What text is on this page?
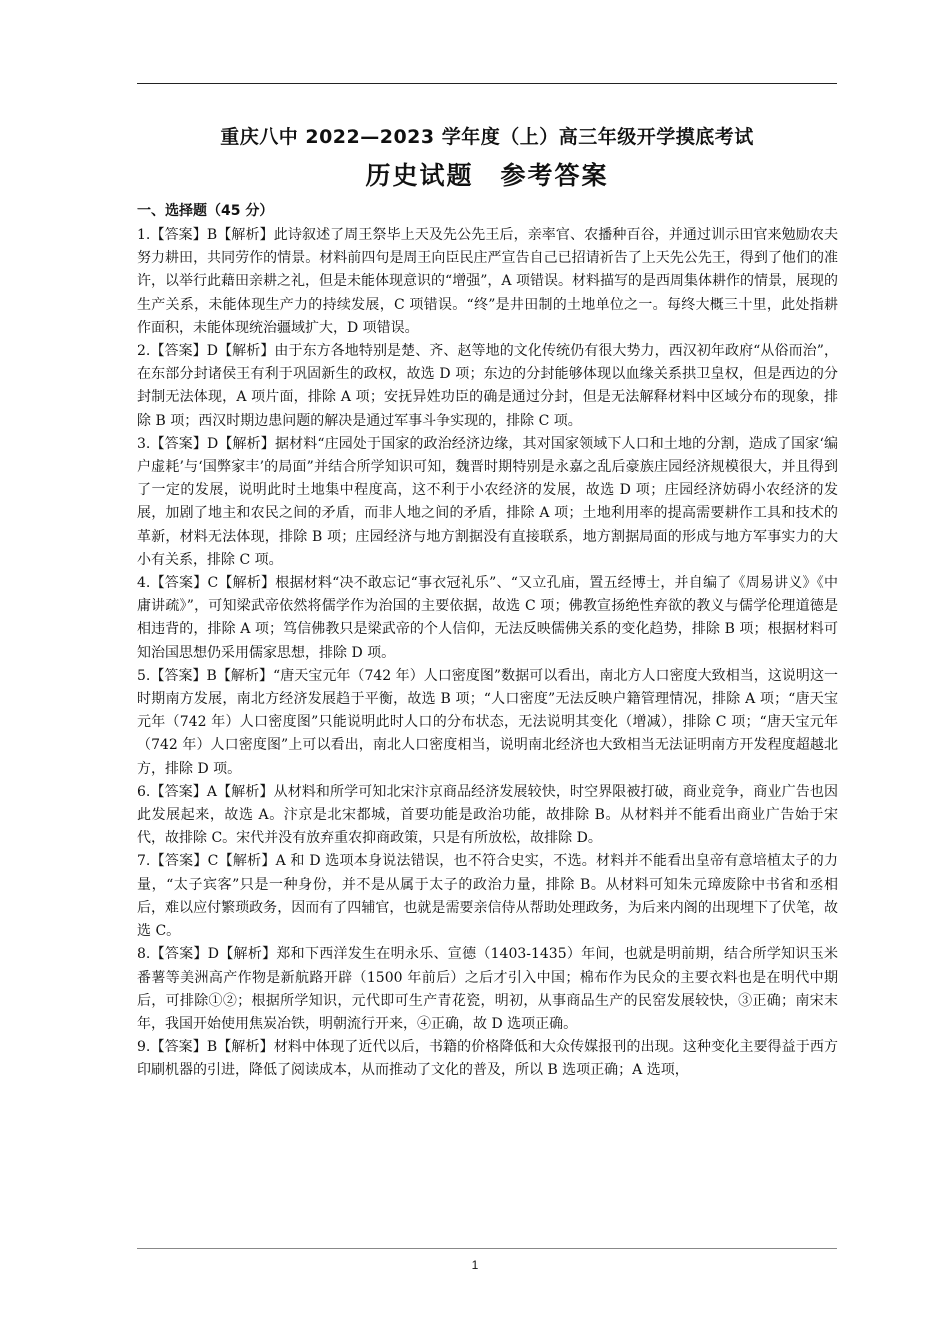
重庆八中 2022—2023 学年度（上）高三年级开学摸底考试
历史试题　参考答案
一、选择题（45 分）

1.【答案】B【解析】此诗叙述了周王祭毕上天及先公先王后，亲率官、农播种百谷，并通过训示田官来勉励农夫努力耕田，共同劳作的情景。材料前四句是周王向臣民庄严宣告自己已招请祈告了上天先公先王，得到了他们的准许，以举行此藉田亲耕之礼，但是未能体现意识的“增强”，A 项错误。材料描写的是西周集体耕作的情景，展现的生产关系，未能体现生产力的持续发展，C 项错误。“终”是井田制的土地单位之一。每终大概三十里，此处指耕作面积，未能体现统治疆域扩大，D 项错误。

2.【答案】D【解析】由于东方各地特别是楚、齐、赵等地的文化传统仍有很大势力，西汉初年政府“从俗而治”，在东部分封诸侯王有利于巩固新生的政权，故选 D 项；东边的分封能够体现以血缘关系拱卫皇权，但是西边的分封制无法体现，A 项片面，排除 A 项；安抚异姓功臣的确是通过分封，但是无法解释材料中区域分布的现象，排除 B 项；西汉时期边患问题的解决是通过军事斗争实现的，排除 C 项。

3.【答案】D【解析】据材料“庄园处于国家的政治经济边缘，其对国家领域下人口和土地的分割，造成了国家‘编户虚耗’与‘国弊家丰’的局面”并结合所学知识可知，魏晋时期特别是永嘉之乱后豪族庄园经济规模很大，并且得到了一定的发展，说明此时土地集中程度高，这不利于小农经济的发展，故选 D 项；庄园经济妨碍小农经济的发展，加剧了地主和农民之间的矛盾，而非人地之间的矛盾，排除 A 项；土地利用率的提高需要耕作工具和技术的革新，材料无法体现，排除 B 项；庄园经济与地方割据没有直接联系，地方割据局面的形成与地方军事实力的大小有关系，排除 C 项。

4.【答案】C【解析】根据材料“决不敢忘记“事衣冠礼乐”、“又立孔庙，置五经博士，并自编了《周易讲义》《中庸讲疏》”，可知梁武帝依然将儒学作为治国的主要依据，故选 C 项；佛教宣扬绝性弃欲的教义与儒学伦理道德是相违背的，排除 A 项；笃信佛教只是梁武帝的个人信仰，无法反映儒佛关系的变化趋势，排除 B 项；根据材料可知治国思想仍采用儒家思想，排除 D 项。

5.【答案】B【解析】“唐天宝元年（742 年）人口密度图”数据可以看出，南北方人口密度大致相当，这说明这一时期南方发展，南北方经济发展趋于平衡，故选 B 项；“人口密度”无法反映户籍管理情况，排除 A 项；“唐天宝元年（742 年）人口密度图”只能说明此时人口的分布状态，无法说明其变化（增减），排除 C 项；“唐天宝元年（742 年）人口密度图”上可以看出，南北人口密度相当，说明南北经济也大致相当无法证明南方开发程度超越北方，排除 D 项。

6.【答案】A【解析】从材料和所学可知北宋汴京商品经济发展较快，时空界限被打破，商业竞争，商业广告也因此发展起来，故选 A。汴京是北宋都城，首要功能是政治功能，故排除 B。从材料并不能看出商业广告始于宋代，故排除 C。宋代并没有放弃重农抑商政策，只是有所放松，故排除 D。

7.【答案】C【解析】A 和 D 选项本身说法错误，也不符合史实，不选。材料并不能看出皇帝有意培植太子的力量，“太子宾客”只是一种身份，并不是从属于太子的政治力量，排除 B。从材料可知朱元璋废除中书省和丞相后，难以应付繁琐政务，因而有了四辅官，也就是需要亲信侍从帮助处理政务，为后来内阁的出现埋下了伏笔，故选 C。

8.【答案】D【解析】郑和下西洋发生在明永乐、宣德（1403-1435）年间，也就是明前期，结合所学知识玉米番薯等美洲高产作物是新航路开辟（1500 年前后）之后才引入中国；棉布作为民众的主要衣料也是在明代中期后，可排除①②；根据所学知识，元代即可生产青花瓷，明初，从事商品生产的民窑发展较快，③正确；南宋末年，我国开始使用焦炭冶铁，明朝流行开来，④正确，故 D 选项正确。

9.【答案】B【解析】材料中体现了近代以后，书籍的价格降低和大众传媒报刊的出现。这种变化主要得益于西方印刷机器的引进，降低了阅读成本，从而推动了文化的普及，所以 B 选项正确；A 选项，

1
